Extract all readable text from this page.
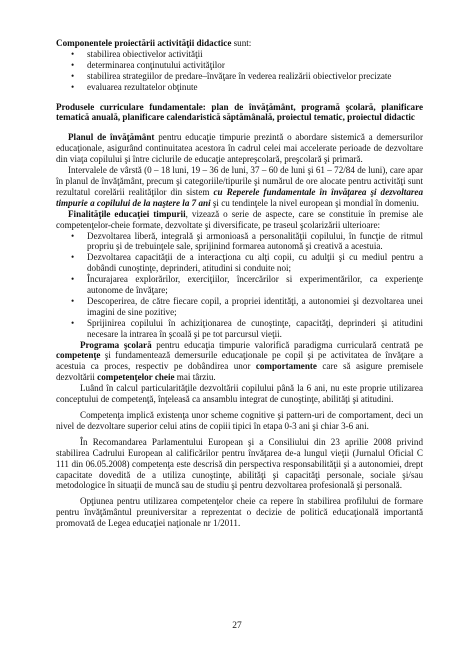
Componentele proiectării activităţii didactice sunt:

• stabilirea obiectivelor activităţii
• determinarea conţinutului activităţilor
• stabilirea strategiilor de predare–învăţare în vederea realizării obiectivelor precizate
• evaluarea rezultatelor obţinute

Produsele curriculare fundamentale: plan de învăţământ, programă şcolară, planificare tematică anuală, planificare calendaristică săptămânală, proiectul tematic, proiectul didactic

Planul de învăţământ pentru educaţie timpurie prezintă o abordare sistemică a demersurilor educaţionale, asigurând continuitatea acestora în cadrul celei mai accelerate perioade de dezvoltare din viaţa copilului şi între ciclurile de educaţie antepreşcolară, preşcolară şi primară.

Intervalele de vârstă (0 – 18 luni, 19 – 36 de luni, 37 – 60 de luni şi 61 – 72/84 de luni), care apar în planul de învăţământ, precum şi categoriile/tipurile şi numărul de ore alocate pentru activităţi sunt rezultatul corelării realităţilor din sistem cu Reperele fundamentale în învăţarea şi dezvoltarea timpurie a copilului de la naştere la 7 ani şi cu tendinţele la nivel european şi mondial în domeniu.

Finalităţile educaţiei timpurii, vizează o serie de aspecte, care se constituie în premise ale competenţelor-cheie formate, dezvoltate şi diversificate, pe traseul şcolarizării ulterioare:

• Dezvoltarea liberă, integrală şi armonioasă a personalităţii copilului, în funcţie de ritmul propriu şi de trebuinţele sale, sprijinind formarea autonomă şi creativă a acestuia.
• Dezvoltarea capacităţii de a interacţiona cu alţi copii, cu adulţii şi cu mediul pentru a dobândi cunoştinţe, deprinderi, atitudini si conduite noi;
• Încurajarea explorărilor, exerciţiilor, încercărilor si experimentărilor, ca experienţe autonome de învăţare;
• Descoperirea, de către fiecare copil, a propriei identităţi, a autonomiei şi dezvoltarea unei imagini de sine pozitive;
• Sprijinirea copilului în achiziţionarea de cunoştinţe, capacităţi, deprinderi şi atitudini necesare la intrarea în şcoală şi pe tot parcursul vieţii.

Programa şcolară pentru educaţia timpurie valorifică paradigma curriculară centrată pe competenţe şi fundamentează demersurile educaţionale pe copil şi pe activitatea de învăţare a acestuia ca proces, respectiv pe dobândirea unor comportamente care să asigure premisele dezvoltării competenţelor cheie mai târziu.

Luând în calcul particularităţile dezvoltării copilului până la 6 ani, nu este proprie utilizarea conceptului de competenţă, înţeleasă ca ansamblu integrat de cunoştinţe, abilităţi şi atitudini.

Competenţa implică existenţa unor scheme cognitive şi pattern-uri de comportament, deci un nivel de dezvoltare superior celui atins de copiii tipici în etapa 0-3 ani şi chiar 3-6 ani.

În Recomandarea Parlamentului European şi a Consiliului din 23 aprilie 2008 privind stabilirea Cadrului European al calificărilor pentru învăţarea de-a lungul vieţii (Jurnalul Oficial C 111 din 06.05.2008) competenţa este descrisă din perspectiva responsabilităţii şi a autonomiei, drept capacitate dovedită de a utiliza cunoştinţe, abilităţi şi capacităţi personale, sociale şi/sau metodologice în situaţii de muncă sau de studiu şi pentru dezvoltarea profesională şi personală.

Opţiunea pentru utilizarea competenţelor cheie ca repere în stabilirea profilului de formare pentru învăţământul preuniversitar a reprezentat o decizie de politică educaţională importantă promovată de Legea educaţiei naţionale nr 1/2011.

27
